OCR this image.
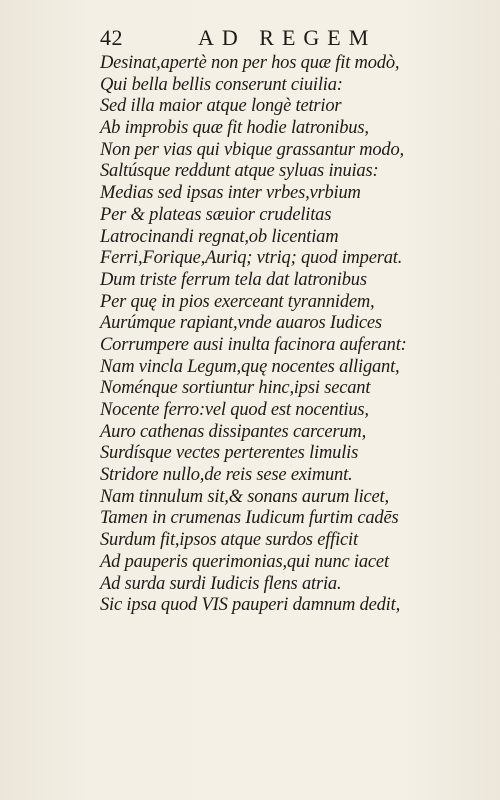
42	AD REGEM
Desinat,apertè non per hos quæ fit modò,
Qui bella bellis conserunt ciuilia:
Sed illa maior atque longè tetrior
Ab improbis quæ fit hodie latronibus,
Non per vias qui vbique grassantur modo,
Saltúsque reddunt atque syluas inuias:
Medias sed ipsas inter vrbes,vrbium
Per & plateas sæuior crudelitas
Latrocinandi regnat,ob licentiam
Ferri,Forique,Auriq; vtriq; quod imperat.
Dum triste ferrum tela dat latronibus
Per quę in pios exerceant tyrannidem,
Aurúmque rapiant,vnde auaros Iudices
Corrumpere ausi inulta facinora auferant:
Nam vincla Legum,quę nocentes alligant,
Noménque sortiuntur hinc,ipsi secant
Nocente ferro:vel quod est nocentius,
Auro cathenas dissipantes carcerum,
Surdísque vectes perterentes limulis
Stridore nullo,de reis sese eximunt.
Nam tinnulum sit,& sonans aurum licet,
Tamen in crumenas Iudicum furtim cadēs
Surdum fit,ipsos atque surdos efficit
Ad pauperis querimonias,qui nunc iacet
Ad surda surdi Iudicis flens atria.
Sic ipsa quod VIS pauperi damnum dedit,
